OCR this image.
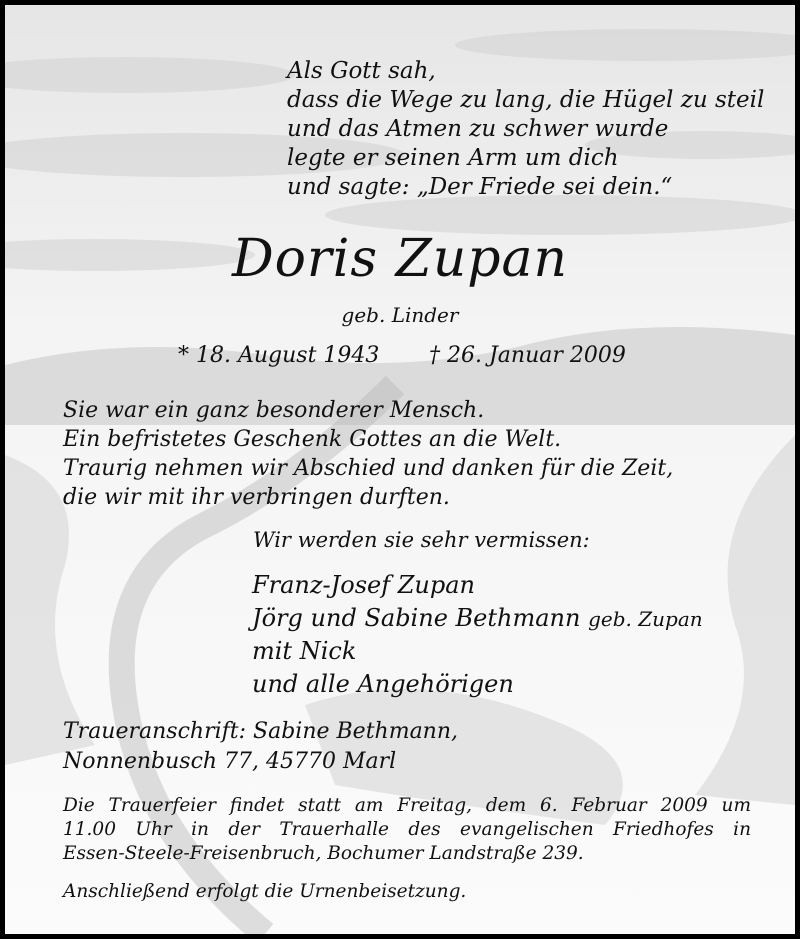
Als Gott sah,
dass die Wege zu lang, die Hügel zu steil
und das Atmen zu schwer wurde
legte er seinen Arm um dich
und sagte: „Der Friede sei dein.“
Doris Zupan
geb. Linder
* 18. August 1943 † 26. Januar 2009
Sie war ein ganz besonderer Mensch.
Ein befristetes Geschenk Gottes an die Welt.
Traurig nehmen wir Abschied und danken für die Zeit,
die wir mit ihr verbringen durften.
Wir werden sie sehr vermissen:
Franz-Josef Zupan
Jörg und Sabine Bethmann geb. Zupan
mit Nick
und alle Angehörigen
Traueranschrift: Sabine Bethmann,
Nonnenbusch 77, 45770 Marl
Die Trauerfeier findet statt am Freitag, dem 6. Februar 2009 um
11.00 Uhr in der Trauerhalle des evangelischen Friedhofes in
Essen-Steele-Freisenbruch, Bochumer Landstraße 239.
Anschließend erfolgt die Urnenbeisetzung.
